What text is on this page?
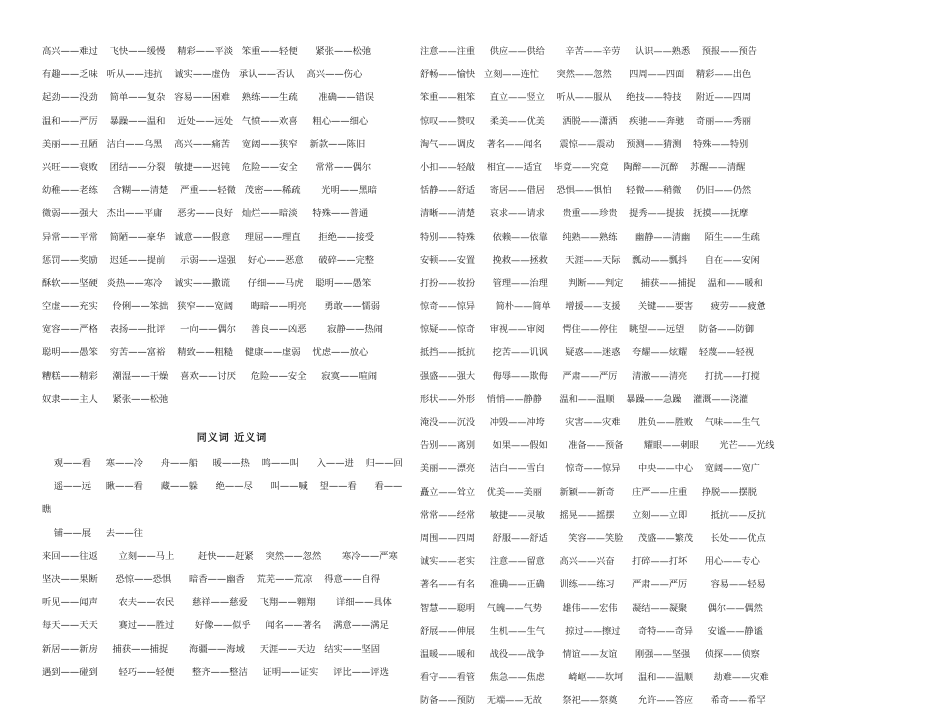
高兴——难过    飞快——缓慢    精彩——平淡   笨重——轻便      紧张——松弛
有趣——乏味   听从——违抗    诚实——虚伪   承认——否认    高兴——伤心
起劲——没劲    简单——复杂   容易——困难    熟练——生疏       准确——错误
温和——严厉    暴躁——温和    近处——远处   气愤——欢喜     粗心——细心
美丽——丑陋   洁白——乌黑    高兴——痛苦    宽阔——狭窄    新款——陈旧
兴旺——衰败    团结——分裂   敏捷——迟钝    危险——安全      常常——偶尔
幼稚——老练     含糊——清楚    严重——轻微   茂密——稀疏       光明——黑暗
微弱——强大   杰出——平庸     恶劣——良好   灿烂——暗淡     特殊——普通
异常——平常    简陋——豪华   诚意——假意     理屈——理直      拒绝——接受
惩罚——奖励    迟延——提前     示弱——逞强    好心——恶意     破碎——完整
酥软——坚硬   炎热——寒冷    诚实——撒谎      仔细——马虎    聪明——愚笨
空虚——充实     伶俐——笨拙   狭窄——宽阔      晦暗——明亮      勇敢——懦弱
宽容——严格    表扬——批评     一向——偶尔     善良——凶恶       寂静——热闹
聪明——愚笨    穷苦——富裕    精致——粗糙    健康——虚弱    忧虑——放心
糟糕——精彩     潮湿——干燥    喜欢——讨厌     危险——安全     寂寞——喧闹
奴隶——主人     紧张——松弛
同义词 近义词
观——看     寒——冷      舟——船     暖——热    鸣——叫      入——进    归——回
遥——远     瞅——看      藏——躲      绝——尽      叫——喊    望——看      看——
瞧
铺——展     去——往
来回——往返       立刻——马上        赶快——赶紧    突然——忽然       寒冷——严寒
坚决——果断      恐惊——恐惧      暗香——幽香    荒芜——荒凉    得意——自得
听见——闻声       农夫——农民      慈祥——慈爱    飞翔——翱翔       详细——具体
每天——天天       赛过——胜过       好像——似乎     闻名——著名    满意——满足
新居——新房     捕获——捕捉       海疆——海域     天涯——天边   结实——坚固
遇到——碰到       轻巧——轻便      整齐——整洁     证明——证实     评比——评选
注意——注重     供应——供给       辛苦——辛劳     认识——熟悉    预报——预告
舒畅——愉快   立刻——连忙      突然——忽然      四周——四面    精彩——出色
笨重——粗笨     直立——竖立    听从——服从     绝技——特技     附近——四周
惊叹——赞叹     柔美——优美      洒脱——潇洒    疾驰——奔驰    奇丽——秀丽
淘气——调皮    著名——闻名      震惊——震动    预测——猜测    特殊——特别
小扣——轻敲    相宜——适宜    毕竟——究竟     陶醉——沉醉    苏醒——清醒
恬静——舒适     寄居——借居    恐惧——惧怕     轻微——稍微     仍旧——仍然
清晰——清楚     哀求——请求      贵重——珍贵    提秀——提拔   抚摸——抚摩
特别——特殊      依赖——依靠     纯熟——熟练      幽静——清幽     陌生——生疏
安顿——安置      挽救——拯救      天涯——天际    瓢动——瓢抖      自在——安闲
打扮——妆扮      管理——治理       判断——判定      捕获——捕捉    温和——暖和
惊奇——惊异       简朴——简单     增援——支援      关键——要害      疲劳——疲惫
惊疑——惊奇     审视——审阅      愕住——停住    眺望——远望     防备——防御
抵挡——抵抗      挖苦——讥讽      疑惑——迷惑    夸耀——炫耀    轻蔑——轻视
强盛——强大      侮辱——欺侮     严肃——严厉     清澈——清亮      打扰——打搅
形状——外形    悄悄——静静      温和——温顺    暴躁——急躁    灌溉——浇灌
淹没——沉没     冲毁——冲垮       灾害——灾难      胜负——胜败    气味——生气
告别——离别      如果——假如       准备——预备       耀眼——刺眼       光芒——光线
美丽——漂亮     洁白——雪白       惊奇——惊异      中央——中心    宽阔——宽广
矗立——耸立    优美——美丽      新颖——新奇      庄严——庄重     挣脱——摆脱
常常——经常     敏捷——灵敏     摇晃——摇摆      立刻——立即        抵抗——反抗
周围——四周      舒服——舒适       笑容——笑脸     茂盛——繁茂      长处——优点
诚实——老实     注意——留意     高兴——兴奋      打碎——打坏      用心——专心
著名——有名     准确——正确     训练——练习      严肃——严厉        容易——轻易
智慧——聪明    气魄——气势       雄伟——宏伟     凝结——凝聚       偶尔——偶然
舒展——伸展     生机——生气       掠过——擦过      奇特——奇异     安谧——静谧
温暖——暖和     战役——战争      情谊——友谊      刚强——坚强     侦探——侦察
看守——看管     焦急——焦虑        崎岖——坎坷     温和——温顺       劫难——灾难
防备——预防    无端——无故       祭祀——祭奠       允许——答应      希奇——希罕
